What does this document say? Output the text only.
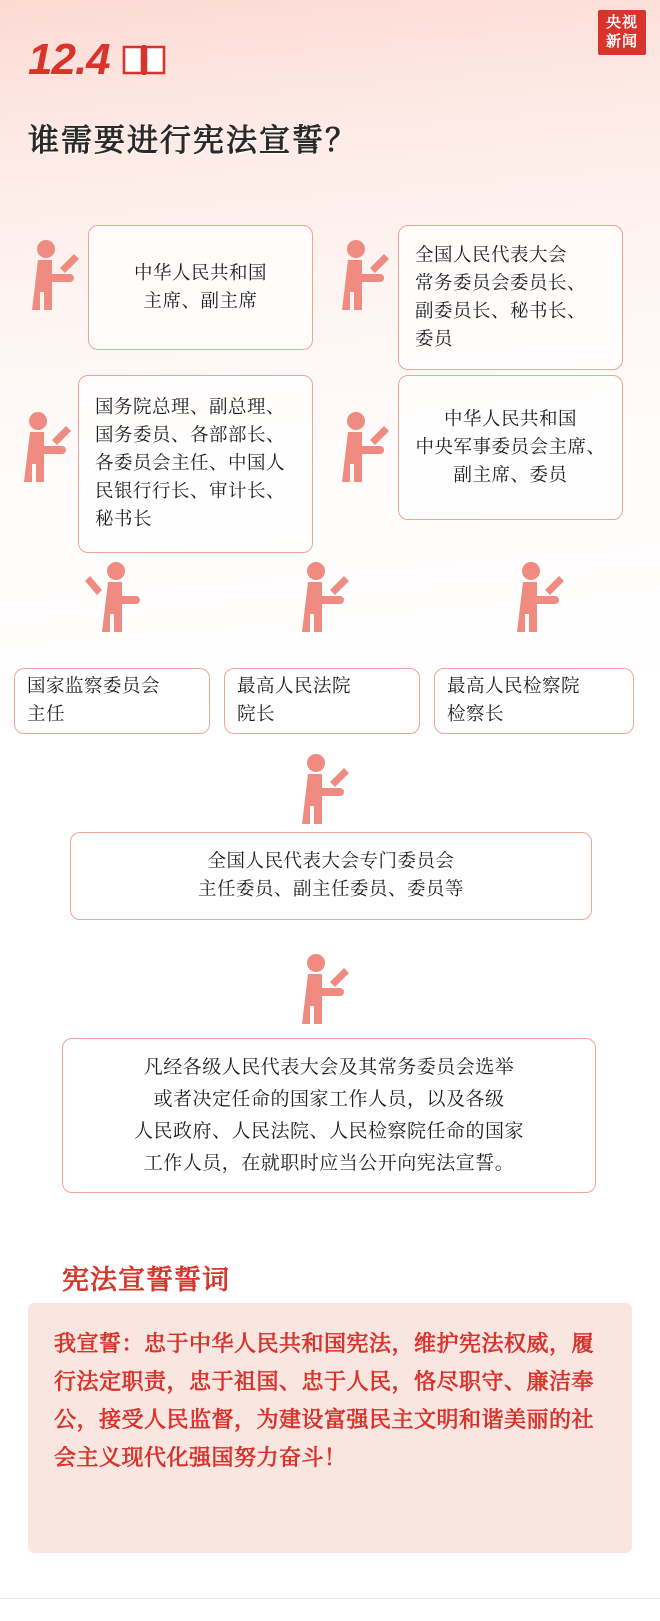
央视
新闻
12.4
谁需要进行宪法宣誓？
中华人民共和国
主席、副主席
全国人民代表大会
常务委员会委员长、
副委员长、秘书长、
委员
国务院总理、副总理、
国务委员、各部部长、
各委员会主任、中国人
民银行行长、审计长、
秘书长
中华人民共和国
中央军事委员会主席、
副主席、委员
国家监察委员会
主任
最高人民法院
院长
最高人民检察院
检察长
全国人民代表大会专门委员会
主任委员、副主任委员、委员等
凡经各级人民代表大会及其常务委员会选举
或者决定任命的国家工作人员，以及各级
人民政府、人民法院、人民检察院任命的国家
工作人员，在就职时应当公开向宪法宣誓。
宪法宣誓誓词
我宣誓：忠于中华人民共和国宪法，维护宪法权威，履行法定职责，忠于祖国、忠于人民，恪尽职守、廉洁奉公，接受人民监督，为建设富强民主文明和谐美丽的社会主义现代化强国努力奋斗！
